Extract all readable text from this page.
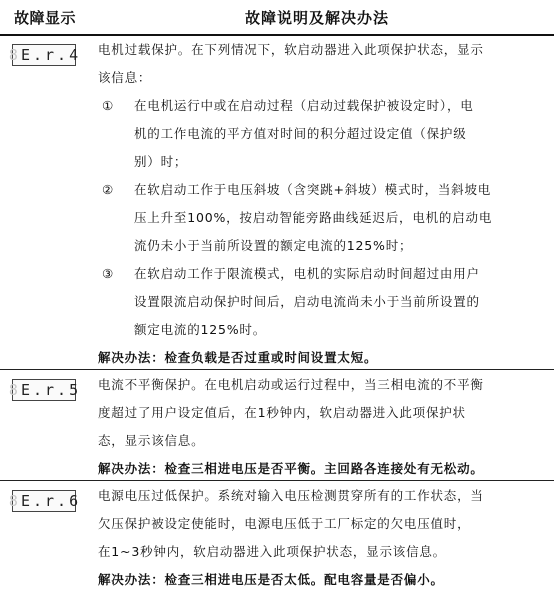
故障显示	故障说明及解决办法
8 E . r . 4 电机过载保护。在下列情况下，软启动器进入此项保护状态，显示

该信息：

①	在电机运行中或在启动过程（启动过载保护被设定时），电

机的工作电流的平方值对时间的积分超过设定值（保护级

别）时；

②	在软启动工作于电压斜坡（含突跳+斜坡）模式时，当斜坡电

压上升至100%，按启动智能旁路曲线延迟后，电机的启动电

流仍未小于当前所设置的额定电流的125%时；

③	在软启动工作于限流模式，电机的实际启动时间超过由用户

设置限流启动保护时间后，启动电流尚未小于当前所设置的

额定电流的125%时。

解决办法：检查负载是否过重或时间设置太短。

8 E . r . 5 电流不平衡保护。在电机启动或运行过程中，当三相电流的不平衡

度超过了用户设定值后，在1秒钟内，软启动器进入此项保护状

态，显示该信息。

解决办法：检查三相进电压是否平衡。主回路各连接处有无松动。

8 E . r . 6 电源电压过低保护。系统对输入电压检测贯穿所有的工作状态，当

欠压保护被设定使能时，电源电压低于工厂标定的欠电压值时，

在1~3秒钟内，软启动器进入此项保护状态，显示该信息。

解决办法：检查三相进电压是否太低。配电容量是否偏小。
